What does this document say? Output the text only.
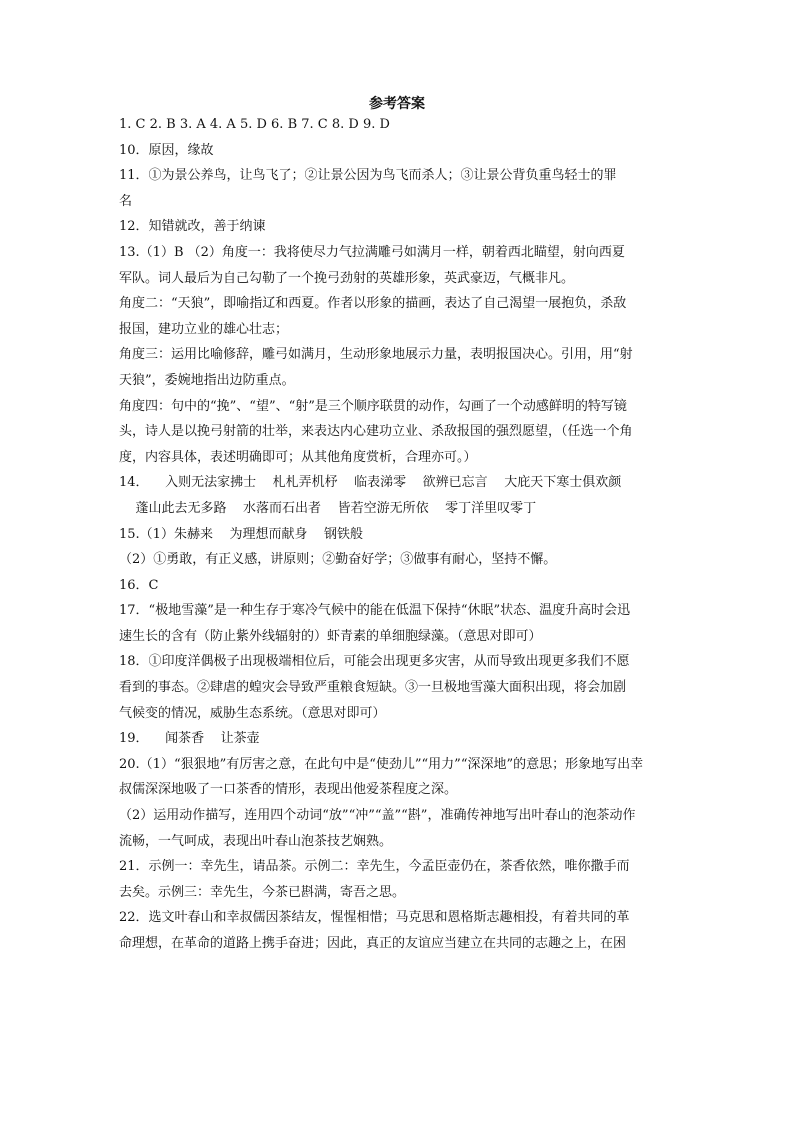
参考答案
1. C 2. B 3. A 4. A 5. D 6. B 7. C 8. D 9. D
10．原因，缘故
11．①为景公养鸟，让鸟飞了；②让景公因为鸟飞而杀人；③让景公背负重鸟轻士的罪
名
12．知错就改，善于纳谏
13.（1）B （2）角度一：我将使尽力气拉满雕弓如满月一样，朝着西北瞄望，射向西夏
军队。词人最后为自己勾勒了一个挽弓劲射的英雄形象，英武豪迈，气概非凡。
角度二：“天狼”，即喻指辽和西夏。作者以形象的描画，表达了自己渴望一展抱负，杀敌
报国，建功立业的雄心壮志；
角度三：运用比喻修辞，雕弓如满月，生动形象地展示力量，表明报国决心。引用，用“射
天狼”，委婉地指出边防重点。
角度四：句中的“挽”、“望”、“射”是三个顺序联贯的动作，勾画了一个动感鲜明的特写镜
头，诗人是以挽弓射箭的壮举，来表达内心建功立业、杀敌报国的强烈愿望，（任选一个角
度，内容具体，表述明确即可；从其他角度赏析，合理亦可。）
14．    入则无法家拂士    札札弄机杼    临表涕零    欲辨已忘言    大庇天下寒士俱欢颜
蓬山此去无多路    水落而石出者    皆若空游无所依    零丁洋里叹零丁
15.（1）朱赫来    为理想而献身    钢铁般
（2）①勇敢，有正义感，讲原则；②勤奋好学；③做事有耐心，坚持不懈。
16．C
17．“极地雪藻”是一种生存于寒冷气候中的能在低温下保持“休眠”状态、温度升高时会迅
速生长的含有（防止紫外线辐射的）虾青素的单细胞绿藻。（意思对即可）
18．①印度洋偶极子出现极端相位后，可能会出现更多灾害，从而导致出现更多我们不愿
看到的事态。②肆虐的蝗灾会导致严重粮食短缺。③一旦极地雪藻大面积出现，将会加剧
气候变的情况，威胁生态系统。（意思对即可）
19．    闻茶香    让茶壶
20.（1）“狠狠地”有厉害之意，在此句中是“使劲儿”“用力”“深深地”的意思；形象地写出幸
叔儒深深地吸了一口茶香的情形，表现出他爱茶程度之深。
（2）运用动作描写，连用四个动词“放”“冲”“盖”“斟”，准确传神地写出叶春山的泡茶动作
流畅，一气呵成，表现出叶春山泡茶技艺娴熟。
21．示例一：幸先生，请品茶。示例二：幸先生，今孟臣壶仍在，茶香依然，唯你撒手而
去矣。示例三：幸先生，今茶已斟满，寄吾之思。
22．选文叶春山和幸叔儒因茶结友，惺惺相惜；马克思和恩格斯志趣相投，有着共同的革
命理想，在革命的道路上携手奋进；因此，真正的友谊应当建立在共同的志趣之上，在困
